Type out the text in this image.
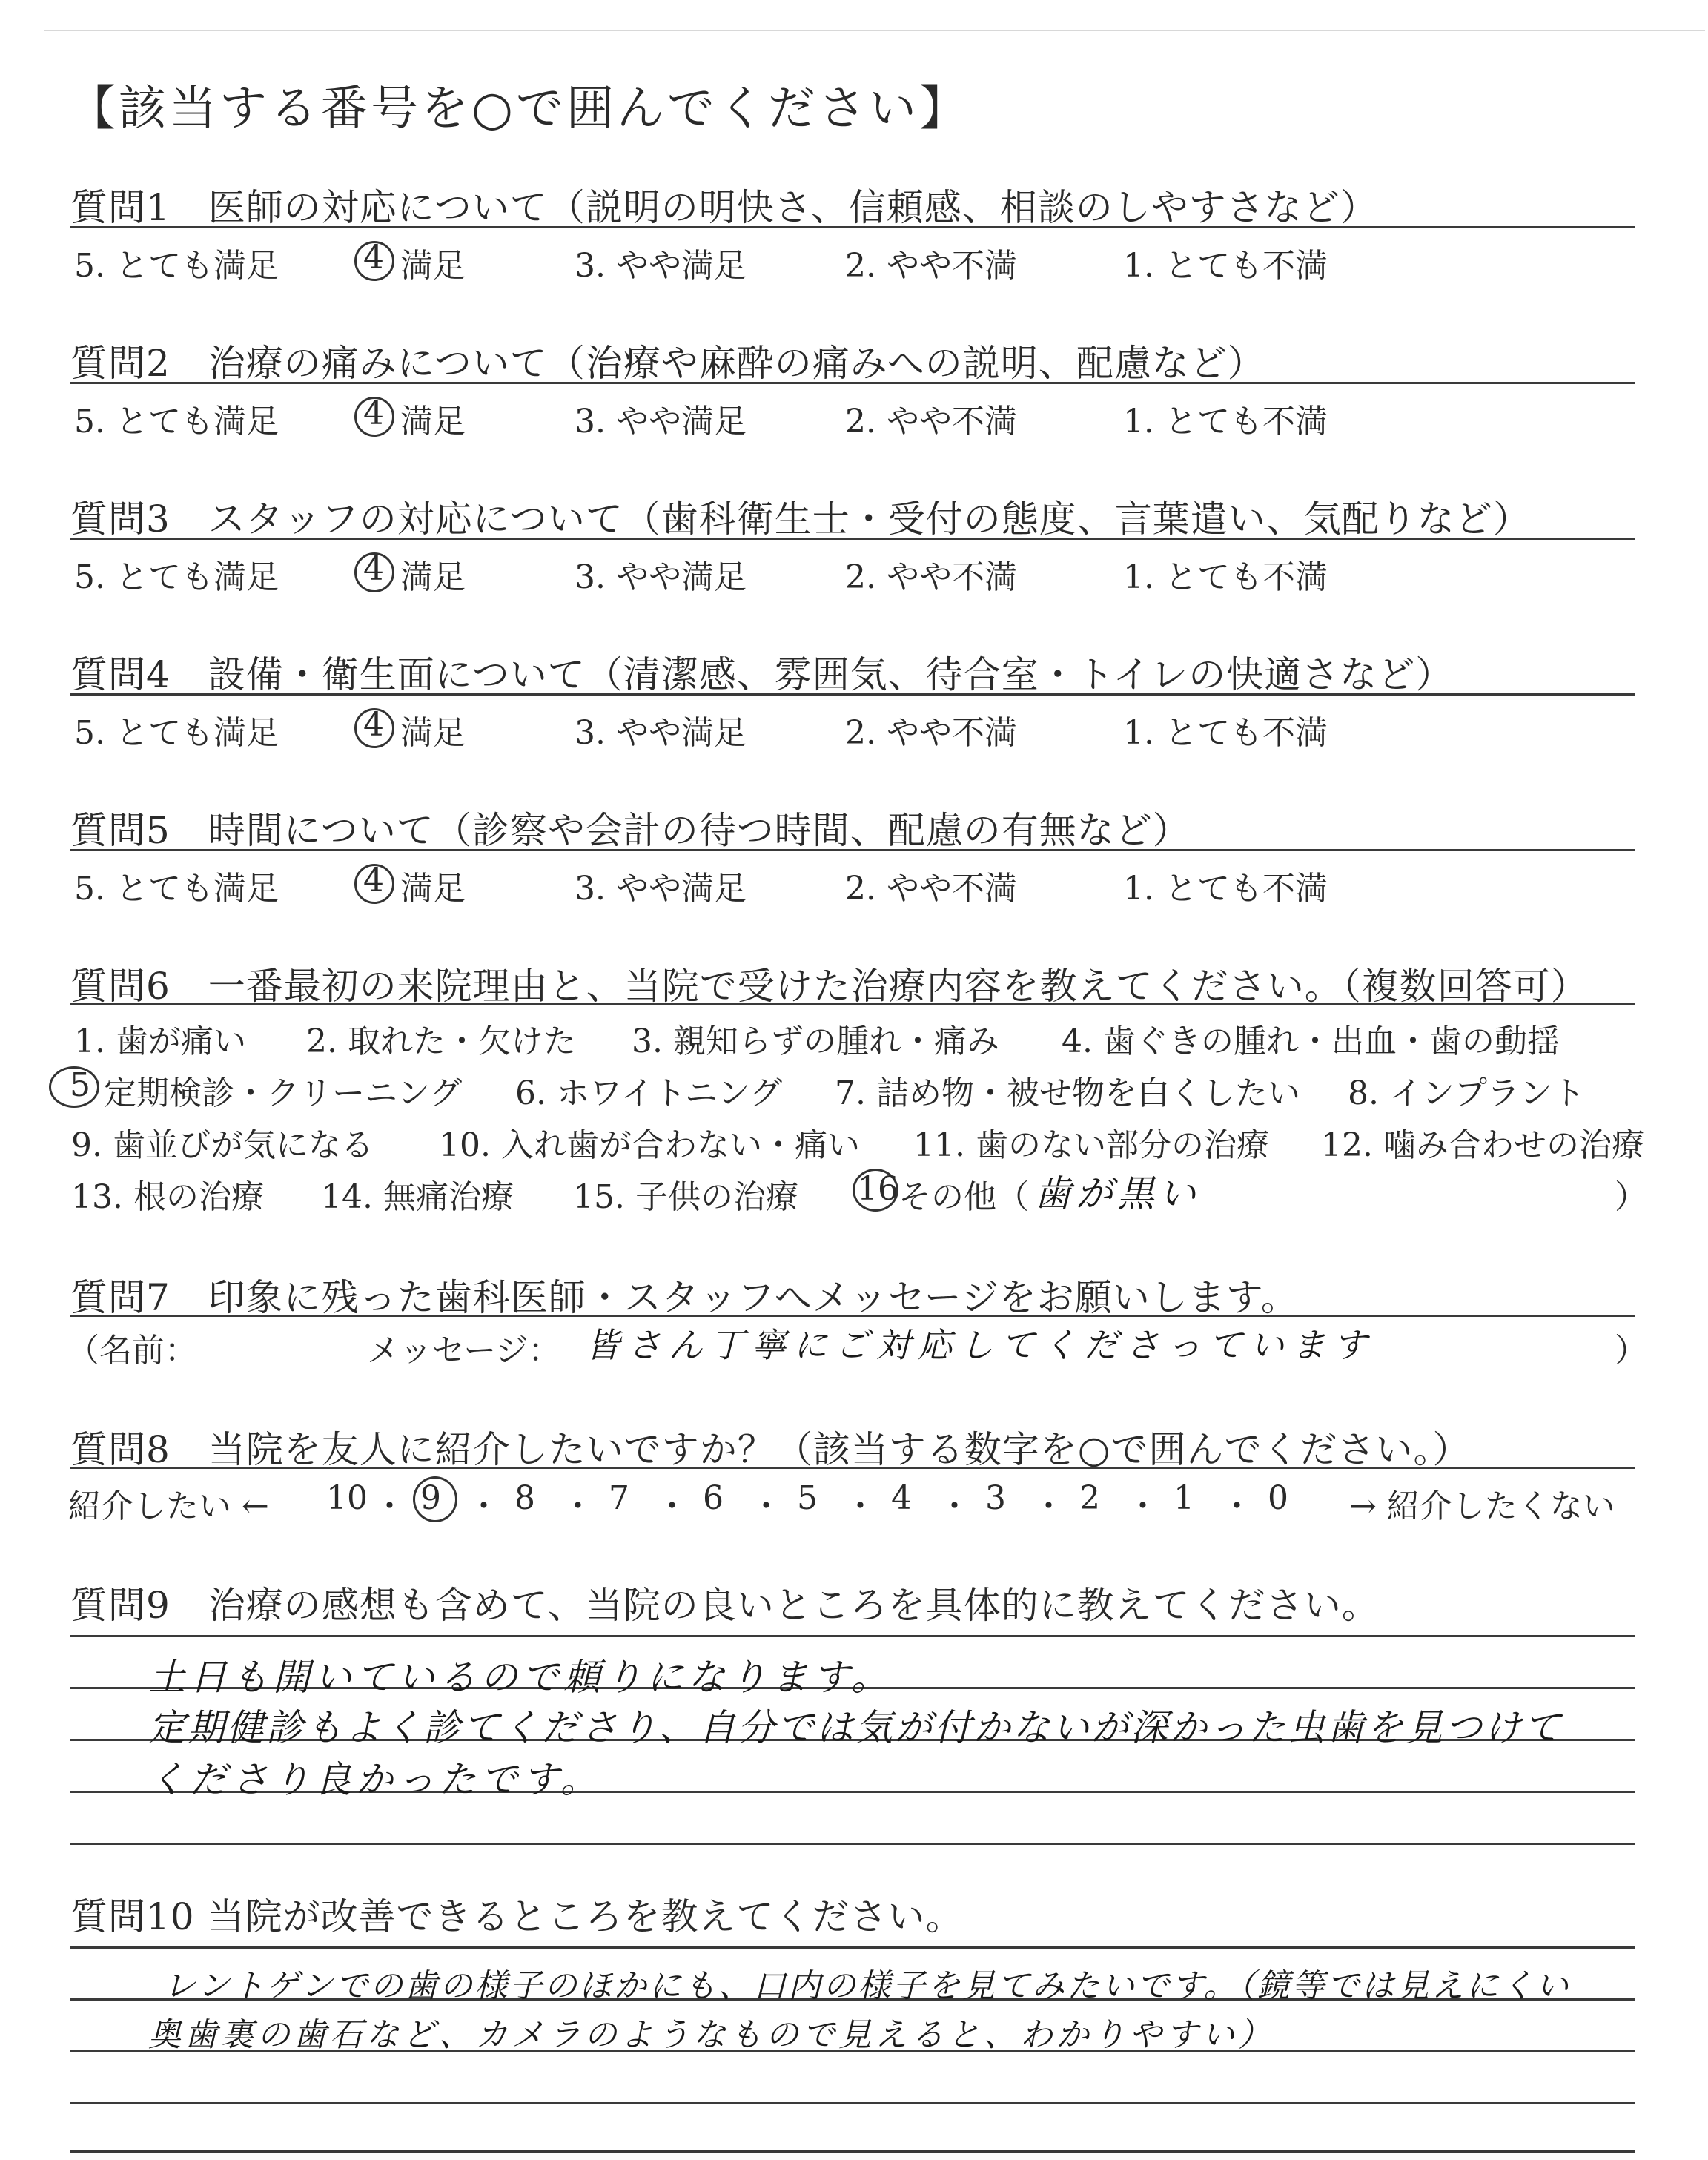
【該当する番号を○で囲んでください】
質問1　医師の対応について（説明の明快さ、信頼感、相談のしやすさなど）
5. とても満足	4 満足	3. やや満足	2. やや不満	1. とても不満
質問2　治療の痛みについて（治療や麻酔の痛みへの説明、配慮など）
5. とても満足	4 満足	3. やや満足	2. やや不満	1. とても不満
質問3　スタッフの対応について（歯科衛生士・受付の態度、言葉遣い、気配りなど）
5. とても満足	4 満足	3. やや満足	2. やや不満	1. とても不満
質問4　設備・衛生面について（清潔感、雰囲気、待合室・トイレの快適さなど）
5. とても満足	4 満足	3. やや満足	2. やや不満	1. とても不満
質問5　時間について（診察や会計の待つ時間、配慮の有無など）
5. とても満足	4 満足	3. やや満足	2. やや不満	1. とても不満
質問6　一番最初の来院理由と、当院で受けた治療内容を教えてください。（複数回答可）
1. 歯が痛い 2. 取れた・欠けた 3. 親知らずの腫れ・痛み 4. 歯ぐきの腫れ・出血・歯の動揺
5 定期検診・クリーニング 6. ホワイトニング 7. 詰め物・被せ物を白くしたい 8. インプラント
9. 歯並びが気になる 10. 入れ歯が合わない・痛い 11. 歯のない部分の治療 12. 噛み合わせの治療
13. 根の治療 14. 無痛治療 15. 子供の治療 16 その他（ 歯が黒い	）
質問7　印象に残った歯科医師・スタッフへメッセージをお願いします。
（名前：	メッセージ： 皆さん丁寧にご対応してくださっています	）
質問8　当院を友人に紹介したいですか？（該当する数字を○で囲んでください。）
紹介したい ← 10 ・ 9 ・ 8 ・ 7 ・ 6 ・ 5 ・ 4 ・ 3 ・ 2 ・ 1 ・ 0 → 紹介したくない
質問9　治療の感想も含めて、当院の良いところを具体的に教えてください。
土日も開いているので頼りになります。
定期健診もよく診てくださり、自分では気が付かないが深かった虫歯を見つけて
くださり良かったです。
質問10 当院が改善できるところを教えてください。
レントゲンでの歯の様子のほかにも、口内の様子を見てみたいです。（鏡等では見えにくい
奥歯裏の歯石など、カメラのようなもので見えると、わかりやすい）
